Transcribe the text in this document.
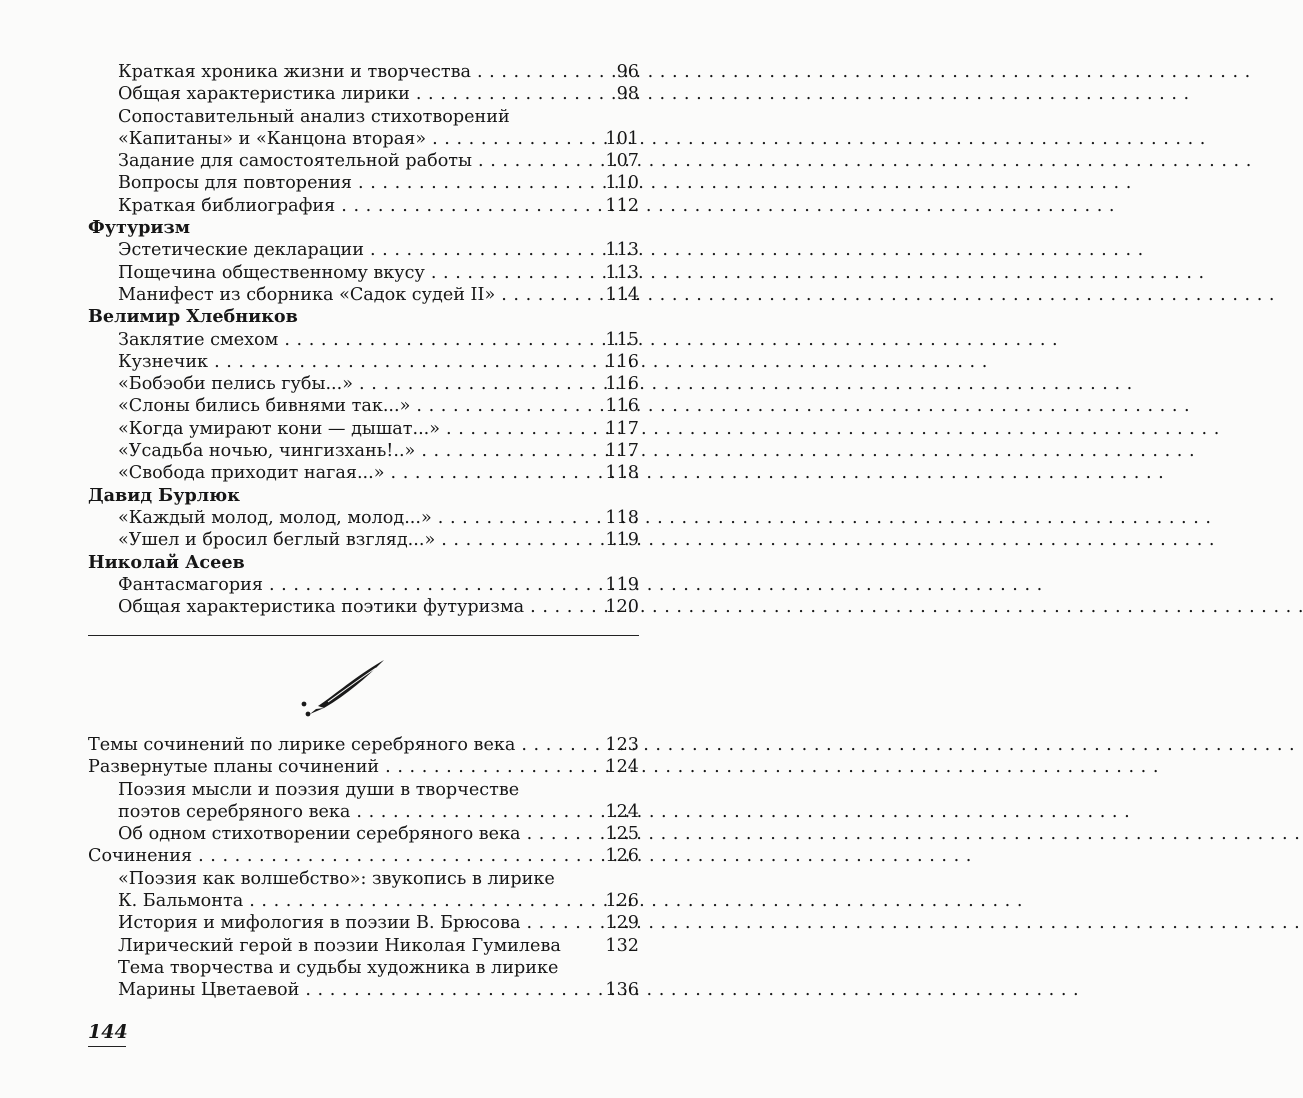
Краткая хроника жизни и творчества . . .	96
Общая характеристика лирики . . .	98
Сопоставительный анализ стихотворений
«Капитаны» и «Канцона вторая» . . .	101
Задание для самостоятельной работы . . .	107
Вопросы для повторения . . .	110
Краткая библиография . . .	112
Футуризм
Эстетические декларации . . .	113
Пощечина общественному вкусу . . .	113
Манифест из сборника «Садок судей II» . . .	114
Велимир Хлебников
Заклятие смехом . . .	115
Кузнечик . . .	116
«Бобэоби пелись губы...» . . .	116
«Слоны бились бивнями так...» . . .	116
«Когда умирают кони — дышат...» . . .	117
«Усадьба ночью, чингизхань!..» . . .	117
«Свобода приходит нагая...» . . .	118
Давид Бурлюк
«Каждый молод, молод, молод...» . . .	118
«Ушел и бросил беглый взгляд...» . . .	119
Николай Асеев
Фантасмагория . . .	119
Общая характеристика поэтики футуризма . . .	120
Темы сочинений по лирике серебряного века . . .	123
Развернутые планы сочинений . . .	124
Поэзия мысли и поэзия души в творчестве
поэтов серебряного века . . .	124
Об одном стихотворении серебряного века . . .	125
Сочинения . . .	126
«Поэзия как волшебство»: звукопись в лирике
К. Бальмонта . . .	126
История и мифология в поэзии В. Брюсова . . .	129
Лирический герой в поэзии Николая Гумилева	132
Тема творчества и судьбы художника в лирике
Марины Цветаевой . . .	136
144
